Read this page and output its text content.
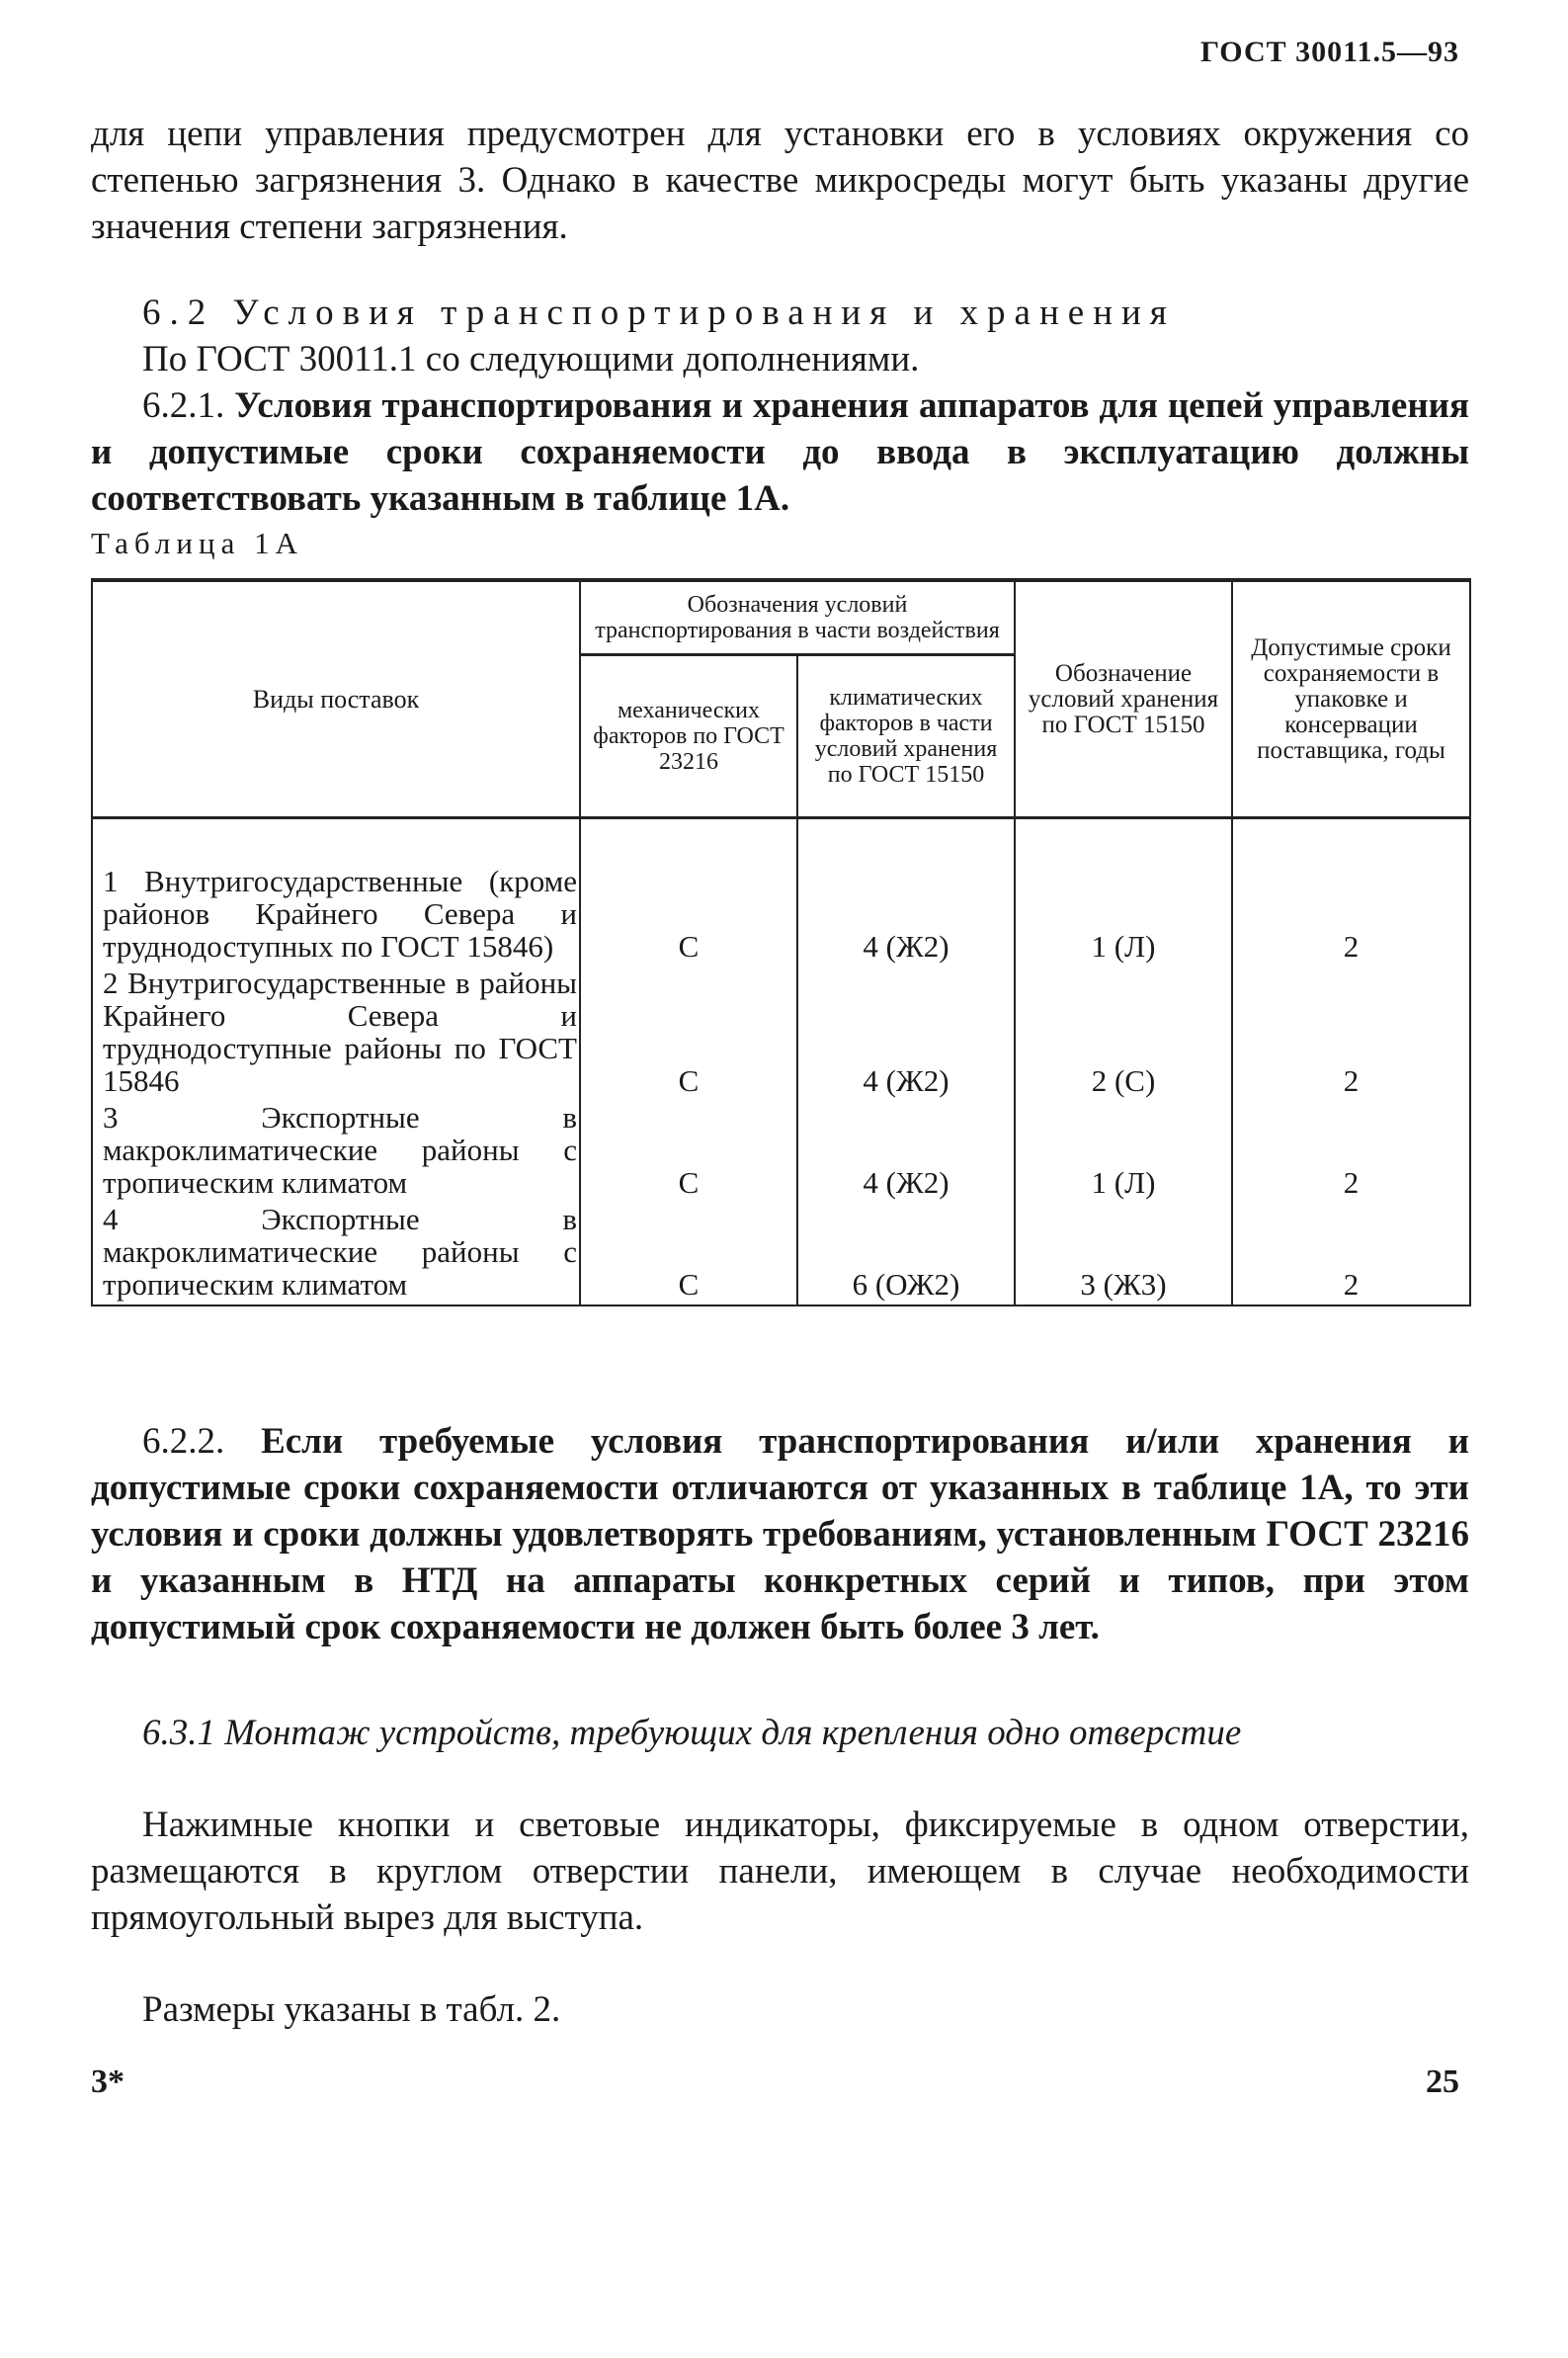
ГОСТ 30011.5—93

для цепи управления предусмотрен для установки его в условиях окружения со степенью загрязнения 3. Однако в качестве микросреды могут быть указаны другие значения степени загрязнения.

6.2 Условия транспортирования и хранения

По ГОСТ 30011.1 со следующими дополнениями.

6.2.1. Условия транспортирования и хранения аппаратов для цепей управления и допустимые сроки сохраняемости до ввода в эксплуатацию должны соответствовать указанным в таблице 1А.

Таблица 1А
Виды поставок	Обозначения условий транспортирования в части воздействия		Обозначение условий хранения по ГОСТ 15150	Допустимые сроки сохраняемости в упаковке и консервации поставщика, годы
	механических факторов по ГОСТ 23216	климатических факторов в части условий хранения по ГОСТ 15150		
1 Внутригосударственные (кроме районов Крайнего Севера и труднодоступных по ГОСТ 15846)	С	4 (Ж2)	1 (Л)	2
2 Внутригосударственные в районы Крайнего Севера и труднодоступные районы по ГОСТ 15846	С	4 (Ж2)	2 (С)	2
3 Экспортные в макроклиматические районы с тропическим климатом	С	4 (Ж2)	1 (Л)	2
4 Экспортные в макроклиматические районы с тропическим климатом	С	6 (ОЖ2)	3 (Ж3)	2

6.2.2. Если требуемые условия транспортирования и/или хранения и допустимые сроки сохраняемости отличаются от указанных в таблице 1А, то эти условия и сроки должны удовлетворять требованиям, установленным ГОСТ 23216 и указанным в НТД на аппараты конкретных серий и типов, при этом допустимый срок сохраняемости не должен быть более 3 лет.

6.3.1 Монтаж устройств, требующих для крепления одно отверстие

Нажимные кнопки и световые индикаторы, фиксируемые в одном отверстии, размещаются в круглом отверстии панели, имеющем в случае необходимости прямоугольный вырез для выступа.

Размеры указаны в табл. 2.

3*	25
